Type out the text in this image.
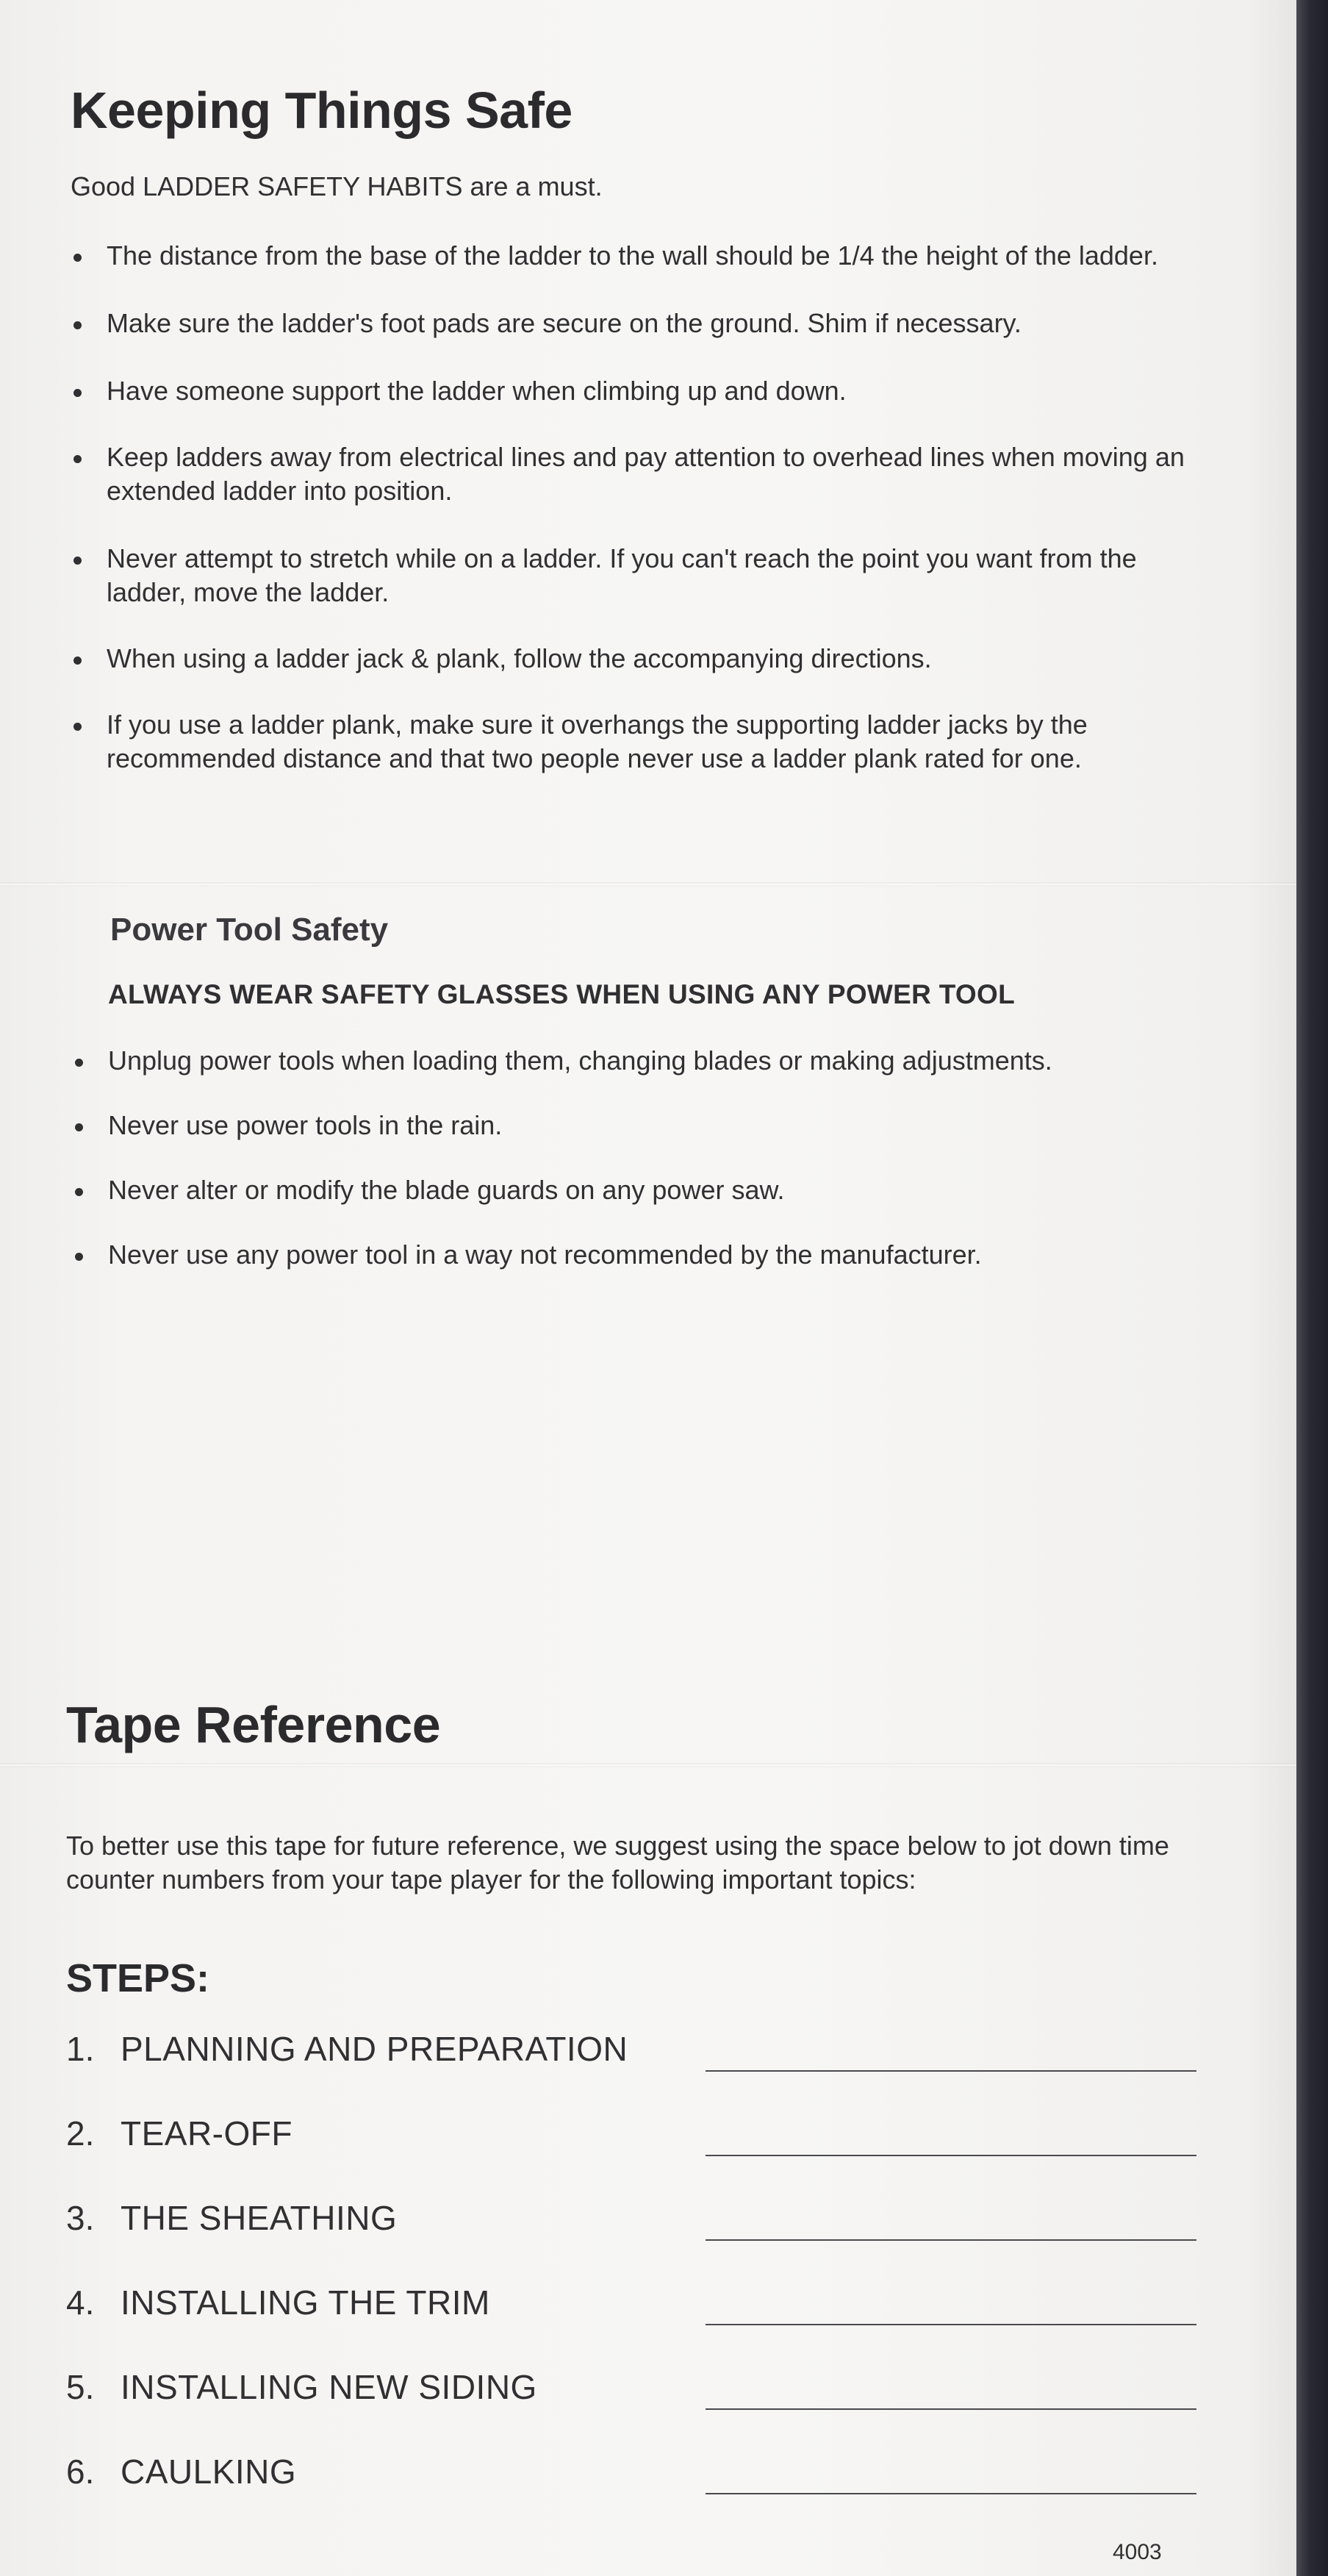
Keeping Things Safe

Good LADDER SAFETY HABITS are a must.

The distance from the base of the ladder to the wall should be 1/4 the height of the ladder.
Make sure the ladder's foot pads are secure on the ground. Shim if necessary.
Have someone support the ladder when climbing up and down.
Keep ladders away from electrical lines and pay attention to overhead lines when moving an extended ladder into position.
Never attempt to stretch while on a ladder. If you can't reach the point you want from the ladder, move the ladder.
When using a ladder jack & plank, follow the accompanying directions.
If you use a ladder plank, make sure it overhangs the supporting ladder jacks by the recommended distance and that two people never use a ladder plank rated for one.
Power Tool Safety

ALWAYS WEAR SAFETY GLASSES WHEN USING ANY POWER TOOL

Unplug power tools when loading them, changing blades or making adjustments.
Never use power tools in the rain.
Never alter or modify the blade guards on any power saw.
Never use any power tool in a way not recommended by the manufacturer.
Tape Reference

To better use this tape for future reference, we suggest using the space below to jot down time counter numbers from your tape player for the following important topics:

STEPS:

1. PLANNING AND PREPARATION
2. TEAR-OFF
3. THE SHEATHING
4. INSTALLING THE TRIM
5. INSTALLING NEW SIDING
6. CAULKING

4003
